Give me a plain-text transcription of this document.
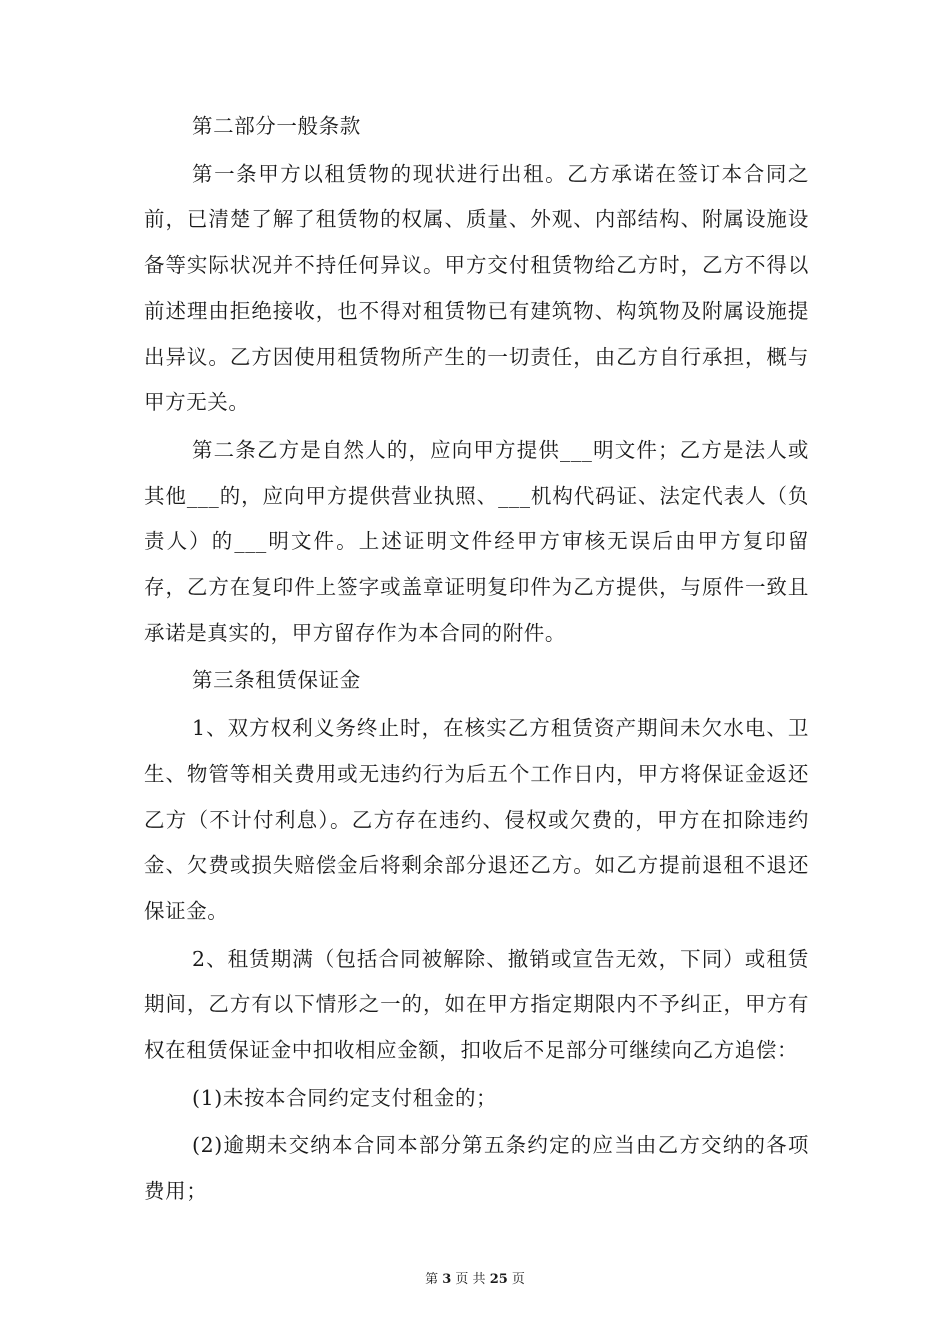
第二部分一般条款

第一条甲方以租赁物的现状进行出租。乙方承诺在签订本合同之前，已清楚了解了租赁物的权属、质量、外观、内部结构、附属设施设备等实际状况并不持任何异议。甲方交付租赁物给乙方时，乙方不得以前述理由拒绝接收，也不得对租赁物已有建筑物、构筑物及附属设施提出异议。乙方因使用租赁物所产生的一切责任，由乙方自行承担，概与甲方无关。

第二条乙方是自然人的，应向甲方提供___明文件；乙方是法人或其他___的，应向甲方提供营业执照、___机构代码证、法定代表人（负责人）的___明文件。上述证明文件经甲方审核无误后由甲方复印留存，乙方在复印件上签字或盖章证明复印件为乙方提供，与原件一致且承诺是真实的，甲方留存作为本合同的附件。

第三条租赁保证金

1、双方权利义务终止时，在核实乙方租赁资产期间未欠水电、卫生、物管等相关费用或无违约行为后五个工作日内，甲方将保证金返还乙方（不计付利息）。乙方存在违约、侵权或欠费的，甲方在扣除违约金、欠费或损失赔偿金后将剩余部分退还乙方。如乙方提前退租不退还保证金。

2、租赁期满（包括合同被解除、撤销或宣告无效，下同）或租赁期间，乙方有以下情形之一的，如在甲方指定期限内不予纠正，甲方有权在租赁保证金中扣收相应金额，扣收后不足部分可继续向乙方追偿：

(1)未按本合同约定支付租金的；

(2)逾期未交纳本合同本部分第五条约定的应当由乙方交纳的各项费用；

第 3 页 共 25 页
